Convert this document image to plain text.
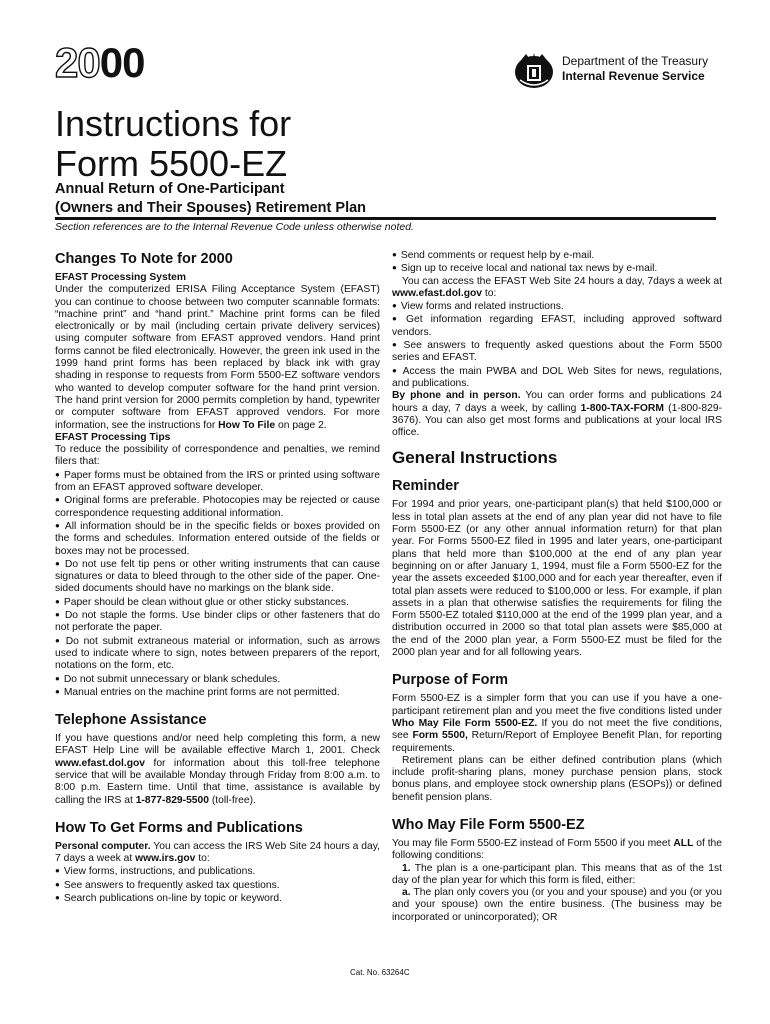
2000	Department of the Treasury
Internal Revenue Service
Instructions for
Form 5500-EZ
Annual Return of One-Participant
(Owners and Their Spouses) Retirement Plan
Section references are to the Internal Revenue Code unless otherwise noted.
Changes To Note for 2000
EFAST Processing System

Under the computerized ERISA Filing Acceptance System (EFAST) you can continue to choose between two computer scannable formats: “machine print” and “hand print.” Machine print forms can be filed electronically or by mail (including certain private delivery services) using computer software from EFAST approved vendors. Hand print forms cannot be filed electronically. However, the green ink used in the 1999 hand print forms has been replaced by black ink with gray shading in response to requests from Form 5500-EZ software vendors who wanted to develop computer software for the hand print version. The hand print version for 2000 permits completion by hand, typewriter or computer software from EFAST approved vendors. For more information, see the instructions for How To File on page 2.

EFAST Processing Tips

To reduce the possibility of correspondence and penalties, we remind filers that:

● Paper forms must be obtained from the IRS or printed using software from an EFAST approved software developer.

● Original forms are preferable. Photocopies may be rejected or cause correspondence requesting additional information.

● All information should be in the specific fields or boxes provided on the forms and schedules. Information entered outside of the fields or boxes may not be processed.

● Do not use felt tip pens or other writing instruments that can cause signatures or data to bleed through to the other side of the paper. One-sided documents should have no markings on the blank side.

● Paper should be clean without glue or other sticky substances.

● Do not staple the forms. Use binder clips or other fasteners that do not perforate the paper.

● Do not submit extraneous material or information, such as arrows used to indicate where to sign, notes between preparers of the report, notations on the form, etc.

● Do not submit unnecessary or blank schedules.

● Manual entries on the machine print forms are not permitted.

Telephone Assistance

If you have questions and/or need help completing this form, a new EFAST Help Line will be available effective March 1, 2001. Check www.efast.dol.gov for information about this toll-free telephone service that will be available Monday through Friday from 8:00 a.m. to 8:00 p.m. Eastern time. Until that time, assistance is available by calling the IRS at 1-877-829-5500 (toll-free).

How To Get Forms and Publications

Personal computer. You can access the IRS Web Site 24 hours a day, 7 days a week at www.irs.gov to:

● View forms, instructions, and publications.

● See answers to frequently asked tax questions.

● Search publications on-line by topic or keyword.

● Send comments or request help by e-mail.

● Sign up to receive local and national tax news by e-mail.

You can access the EFAST Web Site 24 hours a day, 7days a week at www.efast.dol.gov to:

● View forms and related instructions.

● Get information regarding EFAST, including approved softward vendors.

● See answers to frequently asked questions about the Form 5500 series and EFAST.

● Access the main PWBA and DOL Web Sites for news, regulations, and publications.

By phone and in person. You can order forms and publications 24 hours a day, 7 days a week, by calling 1-800-TAX-FORM (1-800-829-3676). You can also get most forms and publications at your local IRS office.

General Instructions
Reminder

For 1994 and prior years, one-participant plan(s) that held $100,000 or less in total plan assets at the end of any plan year did not have to file Form 5500-EZ (or any other annual information return) for that plan year. For Forms 5500-EZ filed in 1995 and later years, one-participant plans that held more than $100,000 at the end of any plan year beginning on or after January 1, 1994, must file a Form 5500-EZ for the year the assets exceeded $100,000 and for each year thereafter, even if total plan assets were reduced to $100,000 or less. For example, if plan assets in a plan that otherwise satisfies the requirements for filing the Form 5500-EZ totaled $110,000 at the end of the 1999 plan year, and a distribution occurred in 2000 so that total plan assets were $85,000 at the end of the 2000 plan year, a Form 5500-EZ must be filed for the 2000 plan year and for all following years.

Purpose of Form

Form 5500-EZ is a simpler form that you can use if you have a one-participant retirement plan and you meet the five conditions listed under Who May File Form 5500-EZ. If you do not meet the five conditions, see Form 5500, Return/Report of Employee Benefit Plan, for reporting requirements.

Retirement plans can be either defined contribution plans (which include profit-sharing plans, money purchase pension plans, stock bonus plans, and employee stock ownership plans (ESOPs)) or defined benefit pension plans.

Who May File Form 5500-EZ

You may file Form 5500-EZ instead of Form 5500 if you meet ALL of the following conditions:

1. The plan is a one-participant plan. This means that as of the 1st day of the plan year for which this form is filed, either:

a. The plan only covers you (or you and your spouse) and you (or you and your spouse) own the entire business. (The business may be incorporated or unincorporated); OR

Cat. No. 63264C
